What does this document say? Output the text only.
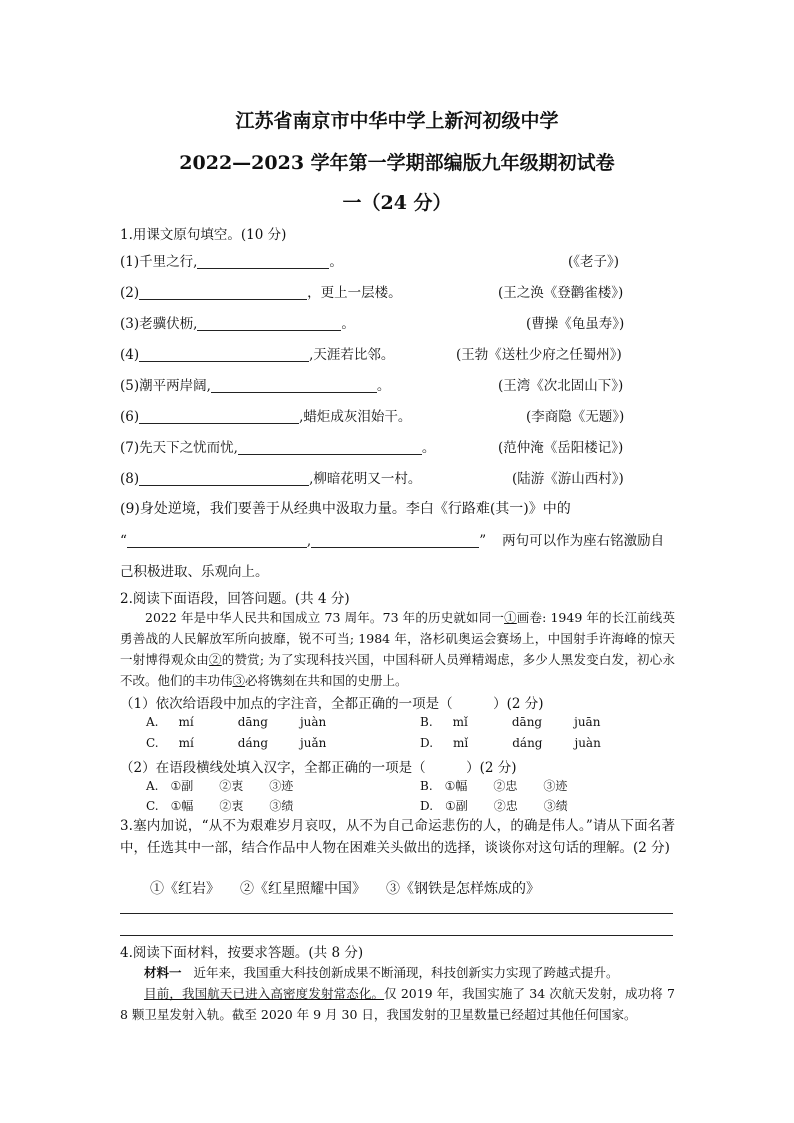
江苏省南京市中华中学上新河初级中学
2022—2023 学年第一学期部编版九年级期初试卷
一（24 分）
1.用课文原句填空。(10 分)
(1)千里之行,	。	(《老子》)
(2)	，更上一层楼。	(王之涣《登鹳雀楼》)
(3)老骥伏枥,	。	(曹操《龟虽寿》)
(4)	,天涯若比邻。	(王勃《送杜少府之任蜀州》)
(5)潮平两岸阔,	。	(王湾《次北固山下》)
(6)	,蜡炬成灰泪始干。	(李商隐《无题》)
(7)先天下之忧而忧,	。	(范仲淹《岳阳楼记》)
(8)	,柳暗花明又一村。	(陆游《游山西村》)
(9)身处逆境，我们要善于从经典中汲取力量。李白《行路难(其一)》中的
“	,	” 两句可以作为座右铭激励自
己积极进取、乐观向上。
2.阅读下面语段，回答问题。(共 4 分)
2022 年是中华人民共和国成立 73 周年。73 年的历史就如同一①画卷: 1949 年的长江前线英勇善战的人民解放军所向披靡，锐不可当; 1984 年，洛杉矶奥运会赛场上，中国射手许海峰的惊天一射博得观众由②的赞赏; 为了实现科技兴国，中国科研人员殚精竭虑，多少人黑发变白发，初心永不改。他们的丰功伟③必将镌刻在共和国的史册上。
（1）依次给语段中加点的字注音，全都正确的一项是（　　　）(2 分)
A. mí	dāng	juàn	B. mǐ	dāng	juān
C. mí	dáng	juǎn	D. mǐ	dáng	juàn
（2）在语段横线处填入汉字，全都正确的一项是（　　　）(2 分)
A. ①副 ②衷 ③迹	B. ①幅 ②忠 ③迹
C. ①幅 ②衷 ③绩	D. ①副 ②忠 ③绩
3.塞内加说，“从不为艰难岁月哀叹，从不为自己命运悲伤的人，的确是伟人。”请从下面名著中，任选其中一部，结合作品中人物在困难关头做出的选择，谈谈你对这句话的理解。(2 分)
①《红岩》 ②《红星照耀中国》 ③《钢铁是怎样炼成的》
4.阅读下面材料，按要求答题。(共 8 分)
材料一 近年来，我国重大科技创新成果不断涌现，科技创新实力实现了跨越式提升。
目前，我国航天已进入高密度发射常态化。仅 2019 年，我国实施了 34 次航天发射，成功将 78 颗卫星发射入轨。截至 2020 年 9 月 30 日，我国发射的卫星数量已经超过其他任何国家。
